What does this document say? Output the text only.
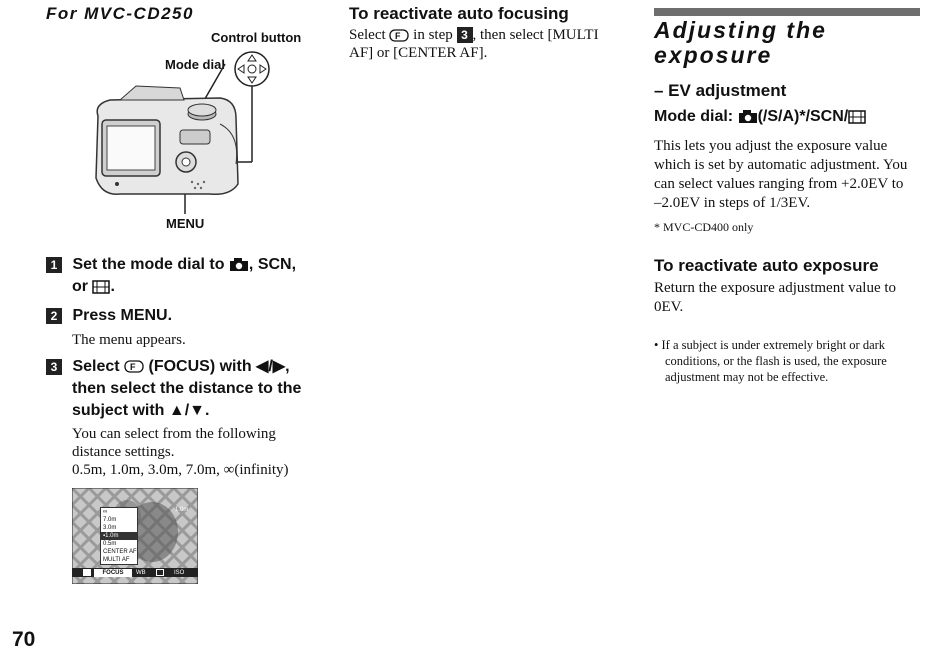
For MVC-CD250
Control button
Mode dial
MENU
1 Set the mode dial to , SCN,
or .
2 Press MENU.
The menu appears.
3 Select F (FOCUS) with ◀/▶,
then select the distance to the
subject with ▲/▼.
You can select from the following
distance settings.
0.5m, 1.0m, 3.0m, 7.0m, ∞(infinity)
∞
7.0m
3.0m
▪1.0m
0.5m
CENTER AF
MULTI AF
1.0m
FOCUS	WB	ISO
To reactivate auto focusing
Select F in step 3 , then select [MULTI
AF] or [CENTER AF].
Adjusting the
exposure
– EV adjustment
Mode dial: (/S/A)*/SCN/
This lets you adjust the exposure value
which is set by automatic adjustment. You
can select values ranging from +2.0EV to
–2.0EV in steps of 1/3EV.
* MVC-CD400 only
To reactivate auto exposure
Return the exposure adjustment value to
0EV.
• If a subject is under extremely bright or dark
conditions, or the flash is used, the exposure
adjustment may not be effective.
70
